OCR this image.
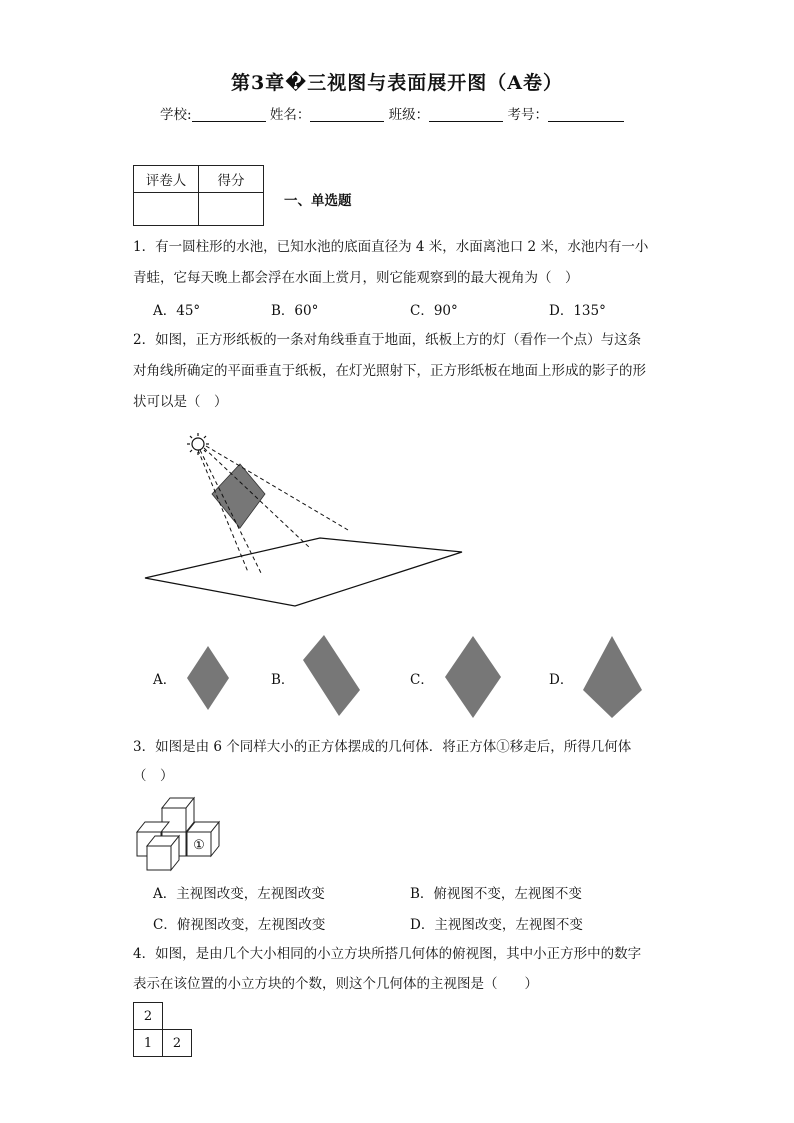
第3章�三视图与表面展开图（A卷）
学校:	姓名：	班级：	考号：
评卷人	得分

一、单选题
1．有一圆柱形的水池，已知水池的底面直径为 4 米，水面离池口 2 米，水池内有一小
青蛙，它每天晚上都会浮在水面上赏月，则它能观察到的最大视角为（　）
A．45°	B．60°	C．90°	D．135°
2．如图，正方形纸板的一条对角线垂直于地面，纸板上方的灯（看作一个点）与这条
对角线所确定的平面垂直于纸板，在灯光照射下，正方形纸板在地面上形成的影子的形
状可以是（　）
①
A．	B．	C．	D．
3．如图是由 6 个同样大小的正方体摆成的几何体．将正方体①移走后，所得几何体
（　）
A．主视图改变，左视图改变	B．俯视图不变，左视图不变
C．俯视图改变，左视图改变	D．主视图改变，左视图不变
4．如图，是由几个大小相同的小立方块所搭几何体的俯视图，其中小正方形中的数字
表示在该位置的小立方块的个数，则这个几何体的主视图是（　　）
2	
1	2
